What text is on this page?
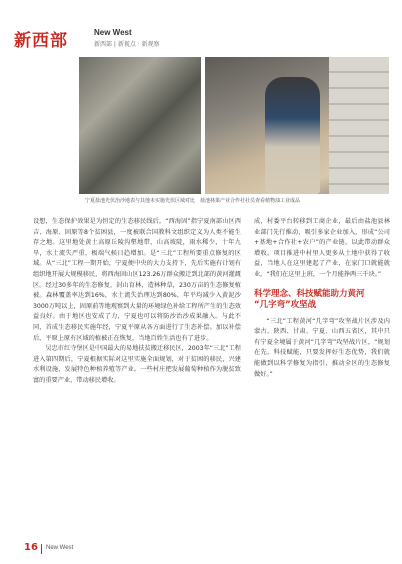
新西部	New West
新西部 | 新视点 · 新观察
宁夏盐池光伏治沙地表与其他未实施光伏区域对比 盐池林果产业合作社社员查看植物油工业成品

设想，生态保护效果是为恒定的生态移民线后。“西海固”指宁夏南部山区西吉、海原、固原等8个贫困县，一度被联合国教科文组织定义为人类不能生存之地。这里地处黄土高原丘陵沟壑地带，山高坡陡，雨水稀少，十年九旱，水土流失严重，极端气候日趋增加。是“三北”工程所要重点修复的区域。从“三北”工程一期开始，宁夏便中央的大力支持下，先后实施有计划有组织地开展大规模移民，将西海固山区123.26万群众搬迁到北部的黄河灌溉区。经过30多年的生态修复，封山育林，造林种草，230万亩的生态修复植被。森林覆盖率达到16%，水土流失治理达到80%，年平均减少入黄泥沙3000万吨以上，固原前等地观察到大量的环境绿色补给工程所产生的生态效益良好。由于地区也安成了力，宁夏也可以将防沙治沙成果融入。与此不同，首成生态移民实施年经，宁夏平原从各方面进行了生态补偿。加以补偿后，平原上原有区域的植被正在恢复，当地百姓生活也有了进步。

吴忠市红寺堡区是中国最大的易地扶贫搬迁移民区，2003年“三北”工程进入第四期后，宁夏根据实际对这里实施全面规划，对于贫困的移民，兴建水利设施，发展特色种植养殖等产业。一些村庄把发展葡萄种植作为脱贫致富的重要产业，带动移民增收。

成，村委平台转移到工商企业，最后由盐池县林业部门先行推动，吸引多家企业加入，形成“公司+基地+合作社+农户”的产业链，以此带动群众增收。项目推进中村里人更多从土地中获得了收益，当地人在这里建起了产业，在家门口就能就业。“我们在这里上班，一个月能挣两三千块。”

科学理念、科技赋能助力黄河
“几字弯”攻坚战

“三北”工程黄河“几字弯”攻坚战片区涉及内蒙古、陕西、甘肃、宁夏、山西五省区，其中只有宁夏全境属于黄河“几字弯”攻坚战片区。“规划在先，科技赋能，只要发挥好生态优势，我们就能做到以科学修复为指引，推动全区的生态修复做好。”

16 New West
